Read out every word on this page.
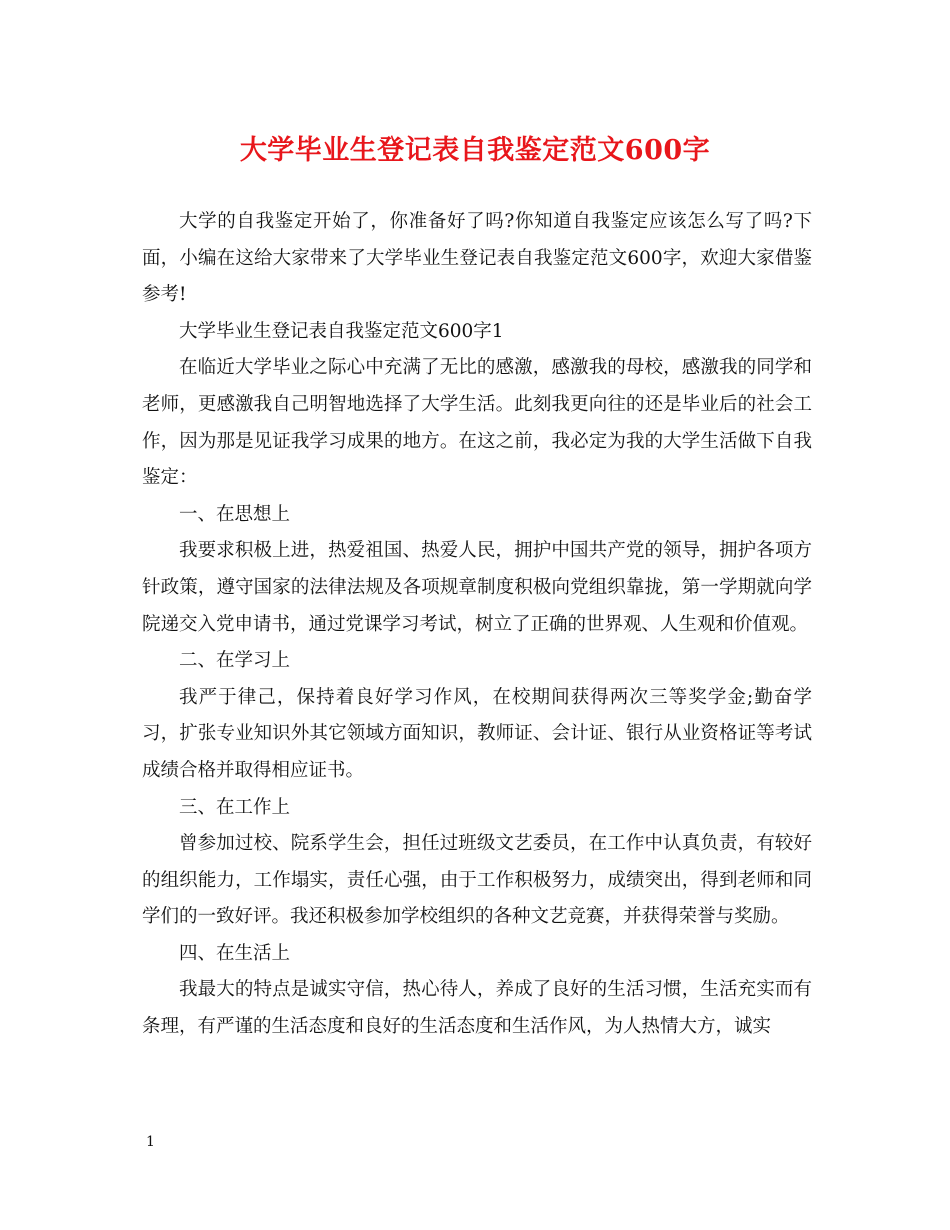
大学毕业生登记表自我鉴定范文600字

大学的自我鉴定开始了，你准备好了吗?你知道自我鉴定应该怎么写了吗?下面，小编在这给大家带来了大学毕业生登记表自我鉴定范文600字，欢迎大家借鉴参考!

大学毕业生登记表自我鉴定范文600字1

在临近大学毕业之际心中充满了无比的感激，感激我的母校，感激我的同学和老师，更感激我自己明智地选择了大学生活。此刻我更向往的还是毕业后的社会工作，因为那是见证我学习成果的地方。在这之前，我必定为我的大学生活做下自我鉴定：

一、在思想上

我要求积极上进，热爱祖国、热爱人民，拥护中国共产党的领导，拥护各项方针政策，遵守国家的法律法规及各项规章制度积极向党组织靠拢，第一学期就向学院递交入党申请书，通过党课学习考试，树立了正确的世界观、人生观和价值观。

二、在学习上

我严于律己，保持着良好学习作风，在校期间获得两次三等奖学金;勤奋学习，扩张专业知识外其它领域方面知识，教师证、会计证、银行从业资格证等考试成绩合格并取得相应证书。

三、在工作上

曾参加过校、院系学生会，担任过班级文艺委员，在工作中认真负责，有较好的组织能力，工作塌实，责任心强，由于工作积极努力，成绩突出，得到老师和同学们的一致好评。我还积极参加学校组织的各种文艺竞赛，并获得荣誉与奖励。

四、在生活上

我最大的特点是诚实守信，热心待人，养成了良好的生活习惯，生活充实而有条理，有严谨的生活态度和良好的生活态度和生活作风，为人热情大方，诚实

1
